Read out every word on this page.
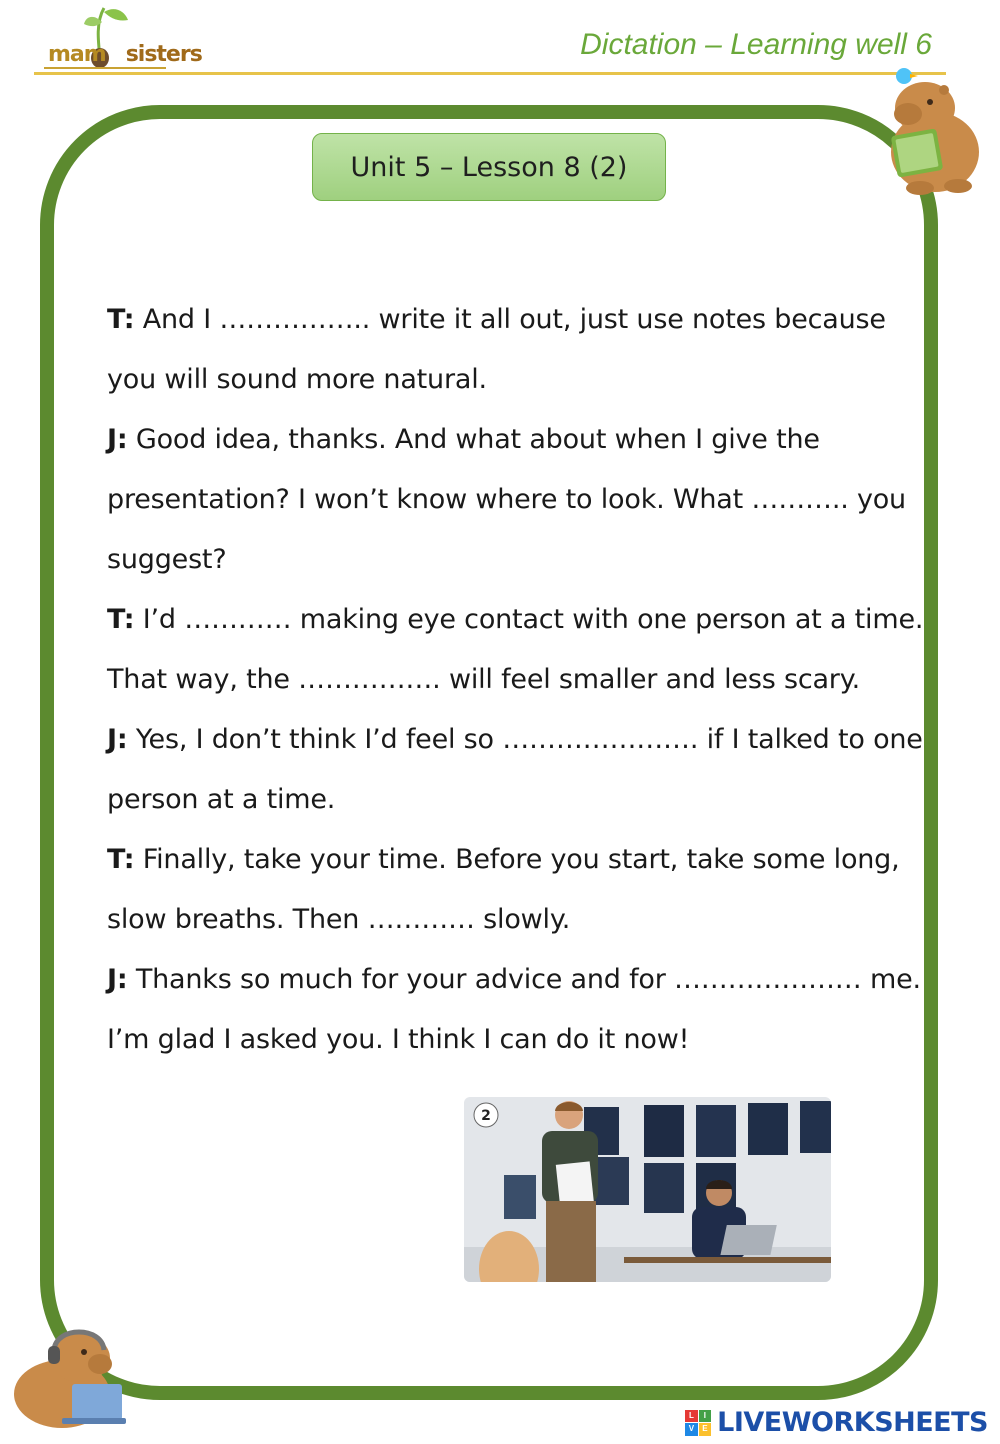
mam sisters	Dictation – Learning well 6
Unit 5 – Lesson 8 (2)

T: And I …………….. write it all out, just use notes because

you will sound more natural.

J: Good idea, thanks. And what about when I give the

presentation? I won’t know where to look. What ……….. you

suggest?

T: I’d ………… making eye contact with one person at a time.

That way, the ……………. will feel smaller and less scary.

J: Yes, I don’t think I’d feel so …………………. if I talked to one

person at a time.

T: Finally, take your time. Before you start, take some long,

slow breaths. Then ………… slowly.

J: Thanks so much for your advice and for ………………… me.

I’m glad I asked you. I think I can do it now!

2
L	I
V	E LIVEWORKSHEETS
